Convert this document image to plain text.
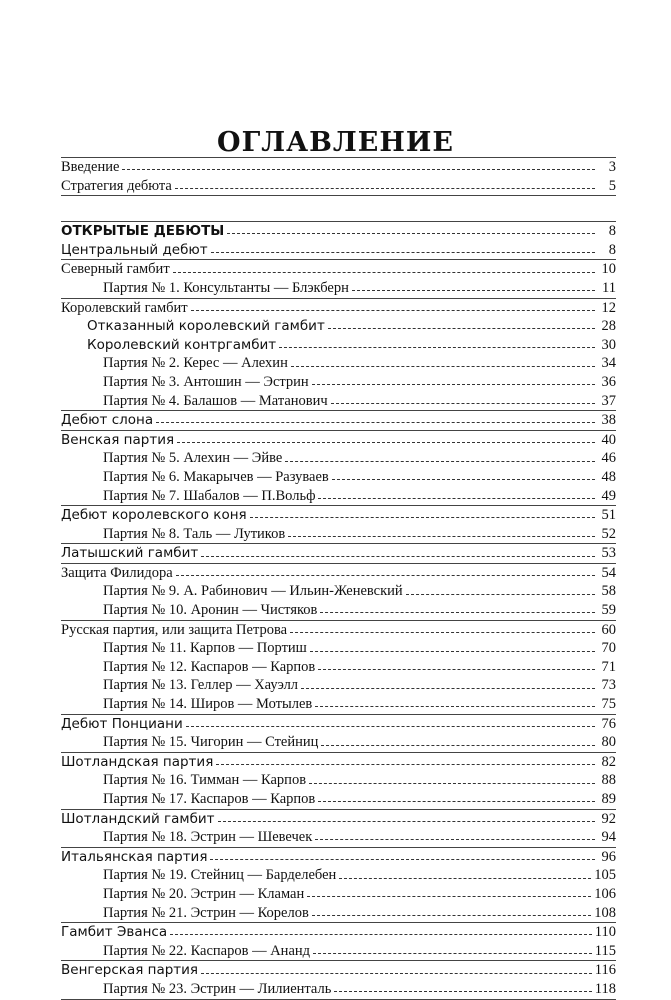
ОГЛАВЛЕНИЕ
Введение	3
Стратегия дебюта	5
ОТКРЫТЫЕ ДЕБЮТЫ	8
Центральный дебют	8
Северный гамбит	10
Партия № 1. Консультанты — Блэкберн	11
Королевский гамбит	12
Отказанный королевский гамбит	28
Королевский контргамбит	30
Партия № 2. Керес — Алехин	34
Партия № 3. Антошин — Эстрин	36
Партия № 4. Балашов — Матанович	37
Дебют слона	38
Венская партия	40
Партия № 5. Алехин — Эйве	46
Партия № 6. Макарычев — Разуваев	48
Партия № 7. Шабалов — П.Вольф	49
Дебют королевского коня	51
Партия № 8. Таль — Лутиков	52
Латышский гамбит	53
Защита Филидора	54
Партия № 9. А. Рабинович — Ильин-Женевский	58
Партия № 10. Аронин — Чистяков	59
Русская партия, или защита Петрова	60
Партия № 11. Карпов — Портиш	70
Партия № 12. Каспаров — Карпов	71
Партия № 13. Геллер — Хауэлл	73
Партия № 14. Широв — Мотылев	75
Дебют Понциани	76
Партия № 15. Чигорин — Стейниц	80
Шотландская партия	82
Партия № 16. Тимман — Карпов	88
Партия № 17. Каспаров — Карпов	89
Шотландский гамбит	92
Партия № 18. Эстрин — Шевечек	94
Итальянская партия	96
Партия № 19. Стейниц — Барделебен	105
Партия № 20. Эстрин — Кламан	106
Партия № 21. Эстрин — Корелов	108
Гамбит Эванса	110
Партия № 22. Каспаров — Ананд	115
Венгерская партия	116
Партия № 23. Эстрин — Лилиенталь	118
